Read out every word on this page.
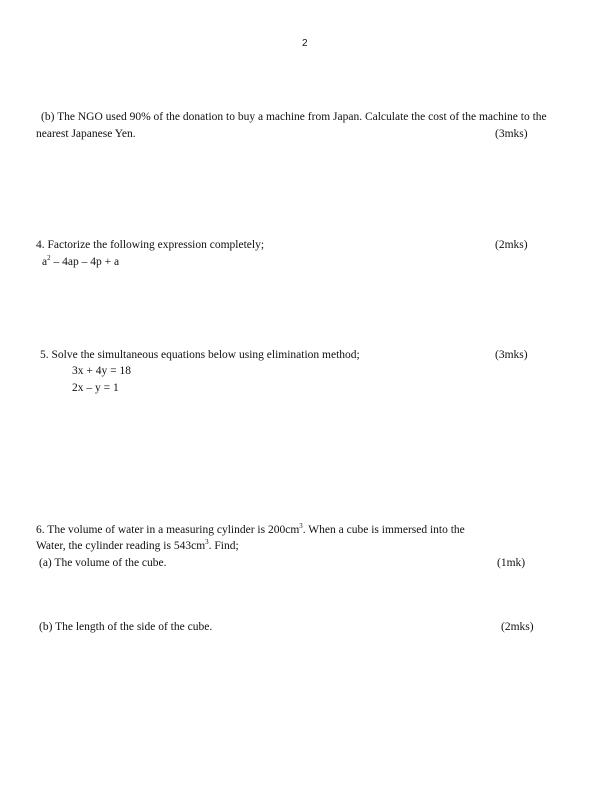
2
(b) The NGO used 90% of the donation to buy a machine from Japan. Calculate the cost of the machine to the
nearest Japanese Yen.	(3mks)
4. Factorize the following expression completely;	(2mks)
$a^2 - 4ap - 4p + a$
5. Solve the simultaneous equations below using elimination method;	(3mks)
3x + 4y = 18
2x – y = 1
6. The volume of water in a measuring cylinder is $200cm^3$. When a cube is immersed into the
Water, the cylinder reading is $543cm^3$. Find;
(a) The volume of the cube.	(1mk)
(b) The length of the side of the cube.	(2mks)
